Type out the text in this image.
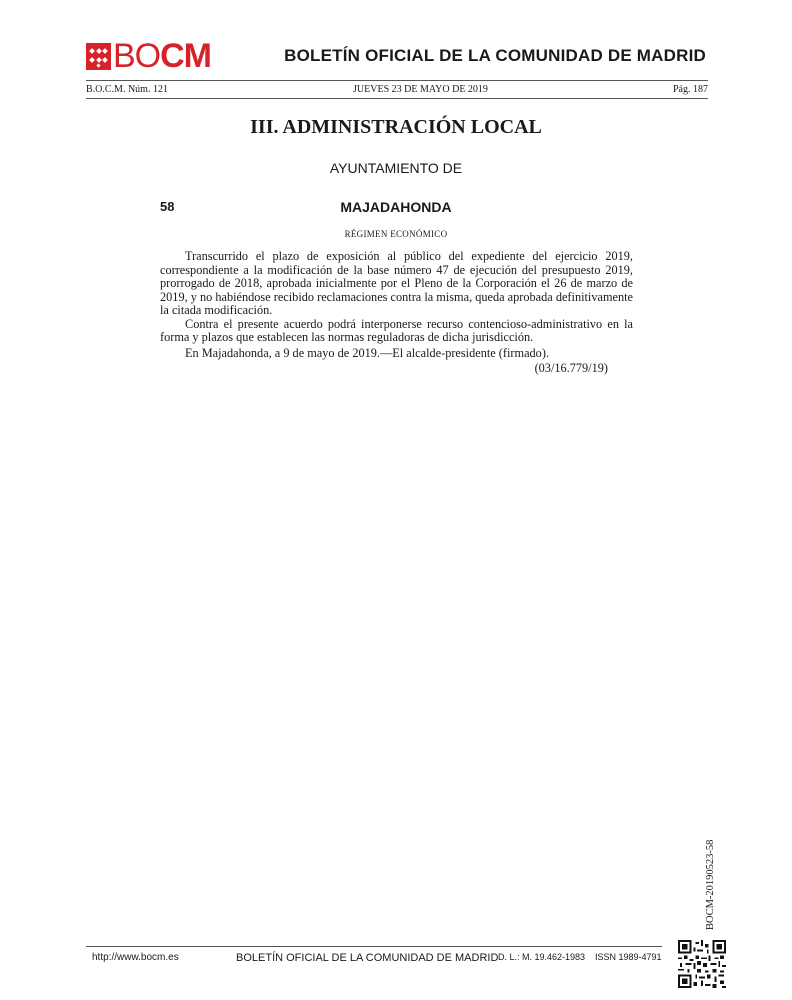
BOCM	BOLETÍN OFICIAL DE LA COMUNIDAD DE MADRID
B.O.C.M. Núm. 121	JUEVES 23 DE MAYO DE 2019	Pág. 187
III. ADMINISTRACIÓN LOCAL
AYUNTAMIENTO DE
58	MAJADAHONDA
RÉGIMEN ECONÓMICO

Transcurrido el plazo de exposición al público del expediente del ejercicio 2019, correspondiente a la modificación de la base número 47 de ejecución del presupuesto 2019, prorrogado de 2018, aprobada inicialmente por el Pleno de la Corporación el 26 de marzo de 2019, y no habiéndose recibido reclamaciones contra la misma, queda aprobada definitivamente la citada modificación.

Contra el presente acuerdo podrá interponerse recurso contencioso-administrativo en la forma y plazos que establecen las normas reguladoras de dicha jurisdicción.

En Majadahonda, a 9 de mayo de 2019.—El alcalde-presidente (firmado).

(03/16.779/19)
BOCM-20190523-58
http://www.bocm.es	BOLETÍN OFICIAL DE LA COMUNIDAD DE MADRID D. L.: M. 19.462-1983 ISSN 1989-4791
